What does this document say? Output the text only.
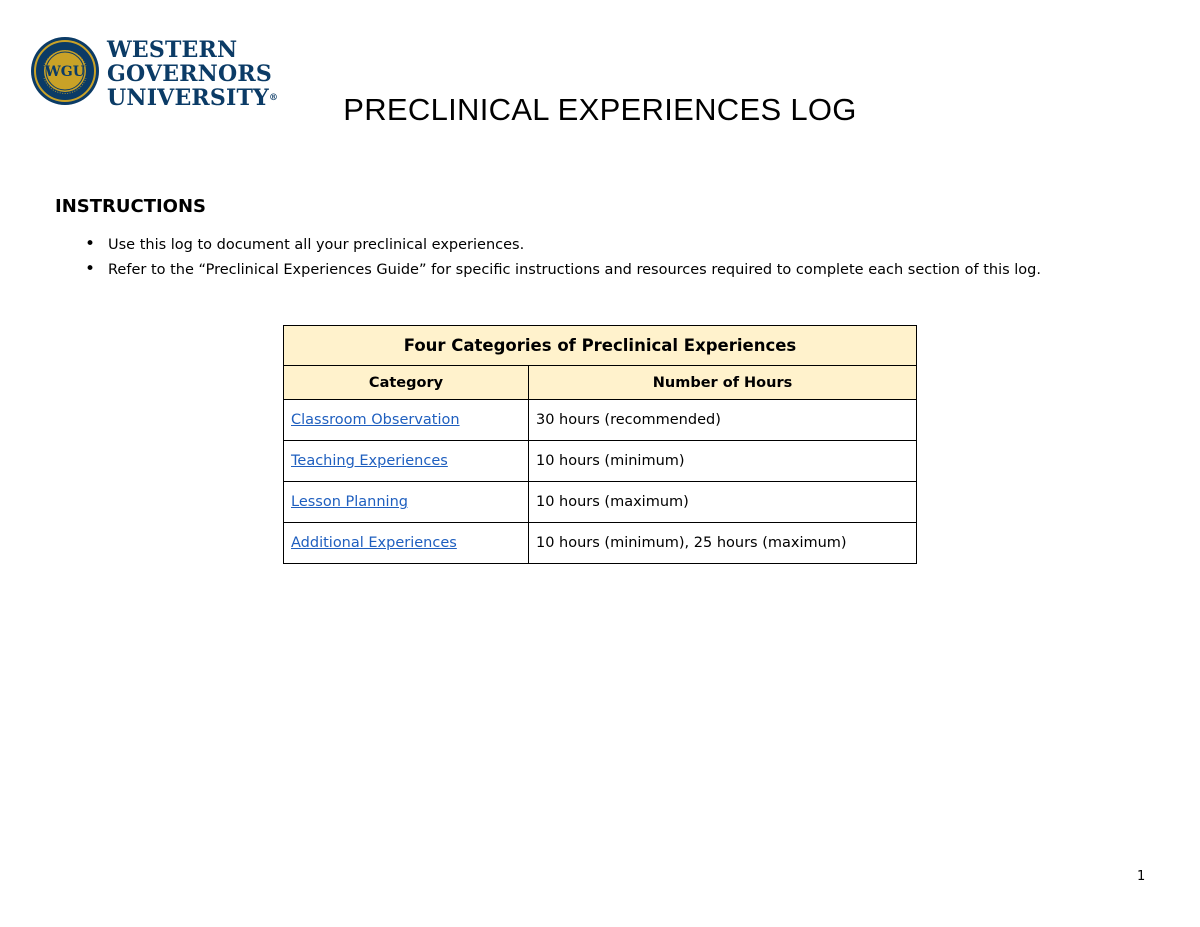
WGU
WESTERN
GOVERNORS
UNIVERSITY®	PRECLINICAL EXPERIENCES LOG
INSTRUCTIONS
• Use this log to document all your preclinical experiences.
• Refer to the “Preclinical Experiences Guide” for specific instructions and resources required to complete each section of this log.
Four Categories of Preclinical Experiences	
Category	Number of Hours
Classroom Observation	30 hours (recommended)
Teaching Experiences	10 hours (minimum)
Lesson Planning	10 hours (maximum)
Additional Experiences	10 hours (minimum), 25 hours (maximum)
1
